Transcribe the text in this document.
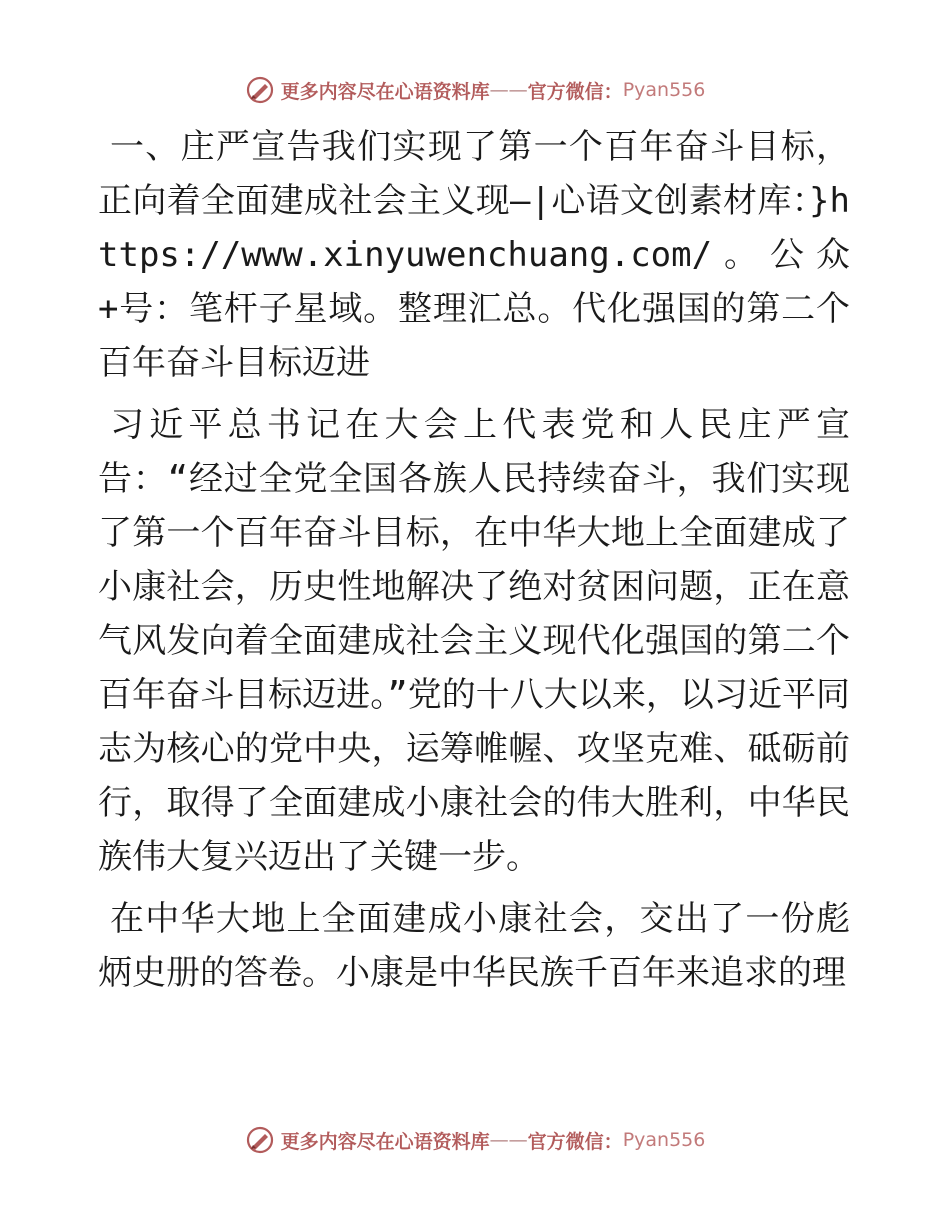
更多内容尽在心语资料库 —— 官方微信： Pyan556

一、庄严宣告我们实现了第一个百年奋斗目标，正向着全面建成社会主义现—|心语文创素材库：}https://www.xinyuwenchuang.com/。公众+号：笔杆子星域。整理汇总。代化强国的第二个百年奋斗目标迈进

习近平总书记在大会上代表党和人民庄严宣告：“经过全党全国各族人民持续奋斗，我们实现了第一个百年奋斗目标，在中华大地上全面建成了小康社会，历史性地解决了绝对贫困问题，正在意气风发向着全面建成社会主义现代化强国的第二个百年奋斗目标迈进。”党的十八大以来，以习近平同志为核心的党中央，运筹帷幄、攻坚克难、砥砺前行，取得了全面建成小康社会的伟大胜利，中华民族伟大复兴迈出了关键一步。

在中华大地上全面建成小康社会，交出了一份彪炳史册的答卷。小康是中华民族千百年来追求的理

更多内容尽在心语资料库 —— 官方微信： Pyan556
